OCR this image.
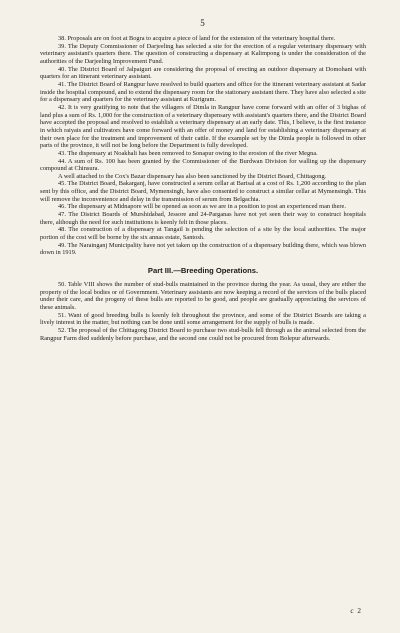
5

38. Proposals are on foot at Bogra to acquire a piece of land for the extension of the veterinary hospital there.

39. The Deputy Commissioner of Darjeeling has selected a site for the erection of a regular veterinary dispensary with veterinary assistant's quarters there. The question of constructing a dispensary at Kalimpong is under the consideration of the authorities of the Darjeeling Improvement Fund.

40. The District Board of Jalpaiguri are considering the proposal of erecting an outdoor dispensary at Domohani with quarters for an itinerant veterinary assistant.

41. The District Board of Rangpur have resolved to build quarters and office for the itinerant veterinary assistant at Sadar inside the hospital compound, and to extend the dispensary room for the stationary assistant there. They have also selected a site for a dispensary and quarters for the veterinary assistant at Kurigram.

42. It is very gratifying to note that the villagers of Dimla in Rangpur have come forward with an offer of 3 bighas of land plus a sum of Rs. 1,000 for the construction of a veterinary dispensary with assistant's quarters there, and the District Board have accepted the proposal and resolved to establish a veterinary dispensary at an early date. This, I believe, is the first instance in which raiyats and cultivators have come forward with an offer of money and land for establishing a veterinary dispensary at their own place for the treatment and improvement of their cattle. If the example set by the Dimla people is followed in other parts of the province, it will not be long before the Department is fully developed.

43. The dispensary at Noakhali has been removed to Sonapur owing to the erosion of the river Megna.

44. A sum of Rs. 100 has been granted by the Commissioner of the Burdwan Division for walling up the dispensary compound at Chinsura.

A well attached to the Cox's Bazar dispensary has also been sanctioned by the District Board, Chittagong.

45. The District Board, Bakarganj, have constructed a serum cellar at Barisal at a cost of Rs. 1,200 according to the plan sent by this office, and the District Board, Mymensingh, have also consented to construct a similar cellar at Mymensingh. This will remove the inconvenience and delay in the transmission of serum from Belgachia.

46. The dispensary at Midnapore will be opened as soon as we are in a position to post an experienced man there.

47. The District Boards of Murshidabad, Jessore and 24-Parganas have not yet seen their way to construct hospitals there, although the need for such institutions is keenly felt in those places.

48. The construction of a dispensary at Tangail is pending the selection of a site by the local authorities. The major portion of the cost will be borne by the six annas estate, Santosh.

49. The Narainganj Municipality have not yet taken up the construction of a dispensary building there, which was blown down in 1919.

Part III.—Breeding Operations.

50. Table VIII shows the number of stud-bulls maintained in the province during the year. As usual, they are either the property of the local bodies or of Government. Veterinary assistants are now keeping a record of the services of the bulls placed under their care, and the progeny of these bulls are reported to be good, and people are gradually appreciating the services of these animals.

51. Want of good breeding bulls is keenly felt throughout the province, and some of the District Boards are taking a lively interest in the matter, but nothing can be done until some arrangement for the supply of bulls is made.

52. The proposal of the Chittagong District Board to purchase two stud-bulls fell through as the animal selected from the Rangpur Farm died suddenly before purchase, and the second one could not be procured from Bolepur afterwards.

c 2
